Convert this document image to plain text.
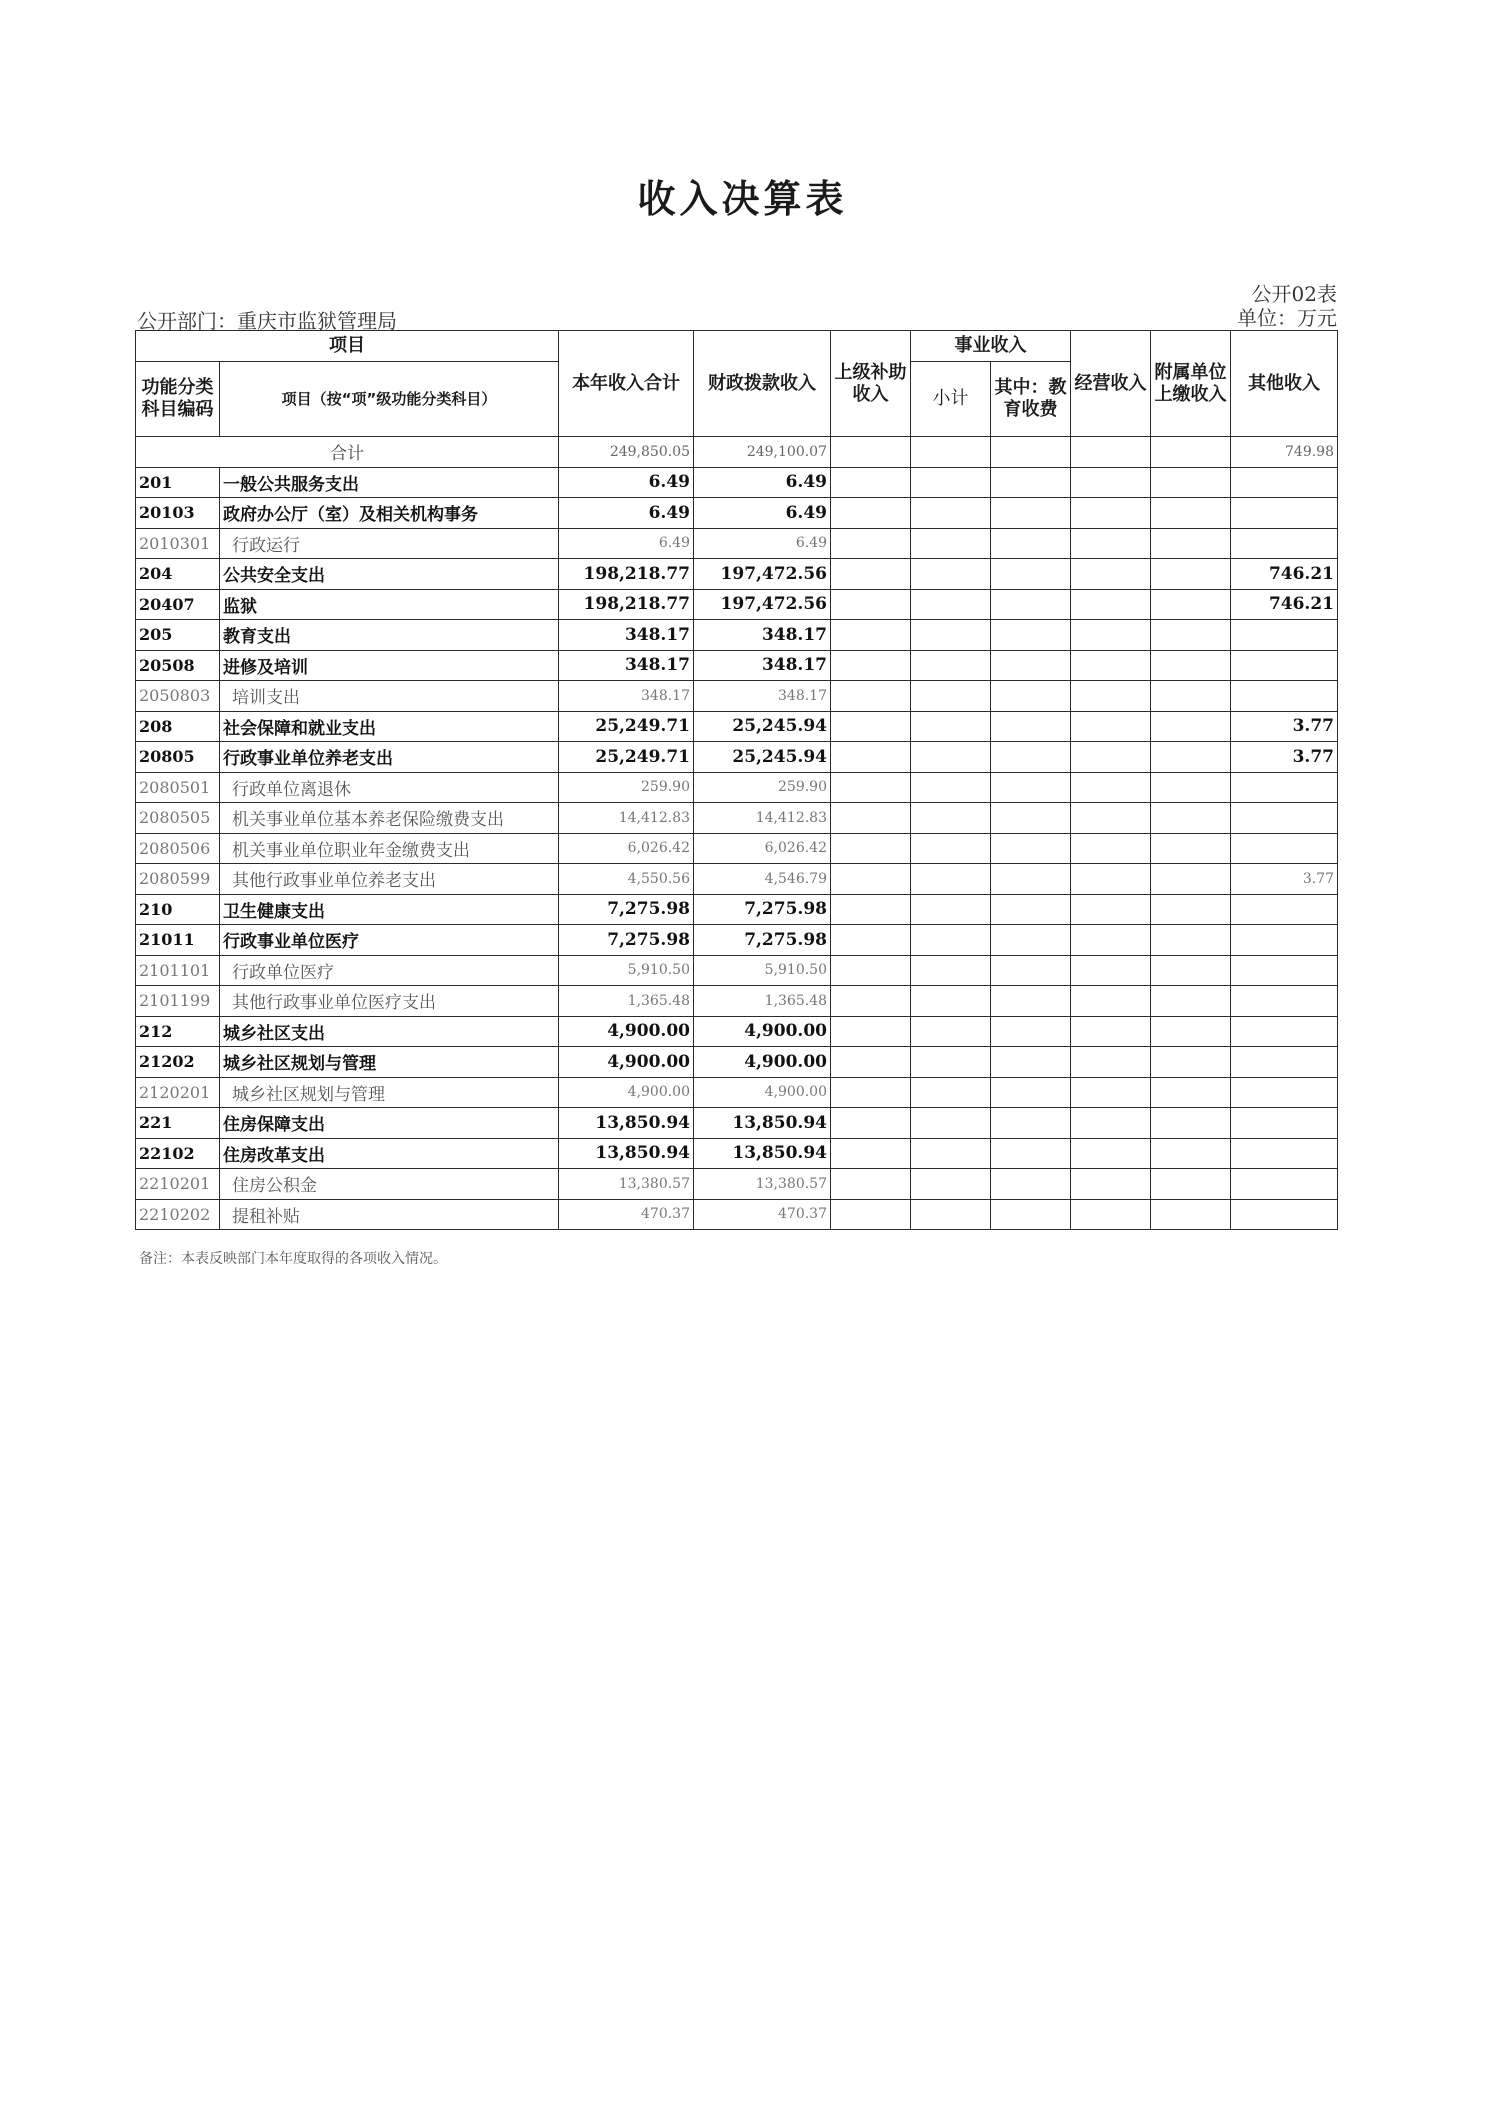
收入决算表
公开02表
公开部门：重庆市监狱管理局	单位：万元
项目		本年收入合计	财政拨款收入	上级补助收入	事业收入		经营收入	附属单位上缴收入	其他收入
功能分类科目编码	项目（按“项”级功能分类科目）				小计	其中：教育收费			
合计		249,850.05	249,100.07						749.98
201	一般公共服务支出	6.49	6.49						
20103	政府办公厅（室）及相关机构事务	6.49	6.49						
2010301	行政运行	6.49	6.49						
204	公共安全支出	198,218.77	197,472.56						746.21
20407	监狱	198,218.77	197,472.56						746.21
205	教育支出	348.17	348.17						
20508	进修及培训	348.17	348.17						
2050803	培训支出	348.17	348.17						
208	社会保障和就业支出	25,249.71	25,245.94						3.77
20805	行政事业单位养老支出	25,249.71	25,245.94						3.77
2080501	行政单位离退休	259.90	259.90						
2080505	机关事业单位基本养老保险缴费支出	14,412.83	14,412.83						
2080506	机关事业单位职业年金缴费支出	6,026.42	6,026.42						
2080599	其他行政事业单位养老支出	4,550.56	4,546.79						3.77
210	卫生健康支出	7,275.98	7,275.98						
21011	行政事业单位医疗	7,275.98	7,275.98						
2101101	行政单位医疗	5,910.50	5,910.50						
2101199	其他行政事业单位医疗支出	1,365.48	1,365.48						
212	城乡社区支出	4,900.00	4,900.00						
21202	城乡社区规划与管理	4,900.00	4,900.00						
2120201	城乡社区规划与管理	4,900.00	4,900.00						
221	住房保障支出	13,850.94	13,850.94						
22102	住房改革支出	13,850.94	13,850.94						
2210201	住房公积金	13,380.57	13,380.57						
2210202	提租补贴	470.37	470.37						
备注：本表反映部门本年度取得的各项收入情况。
